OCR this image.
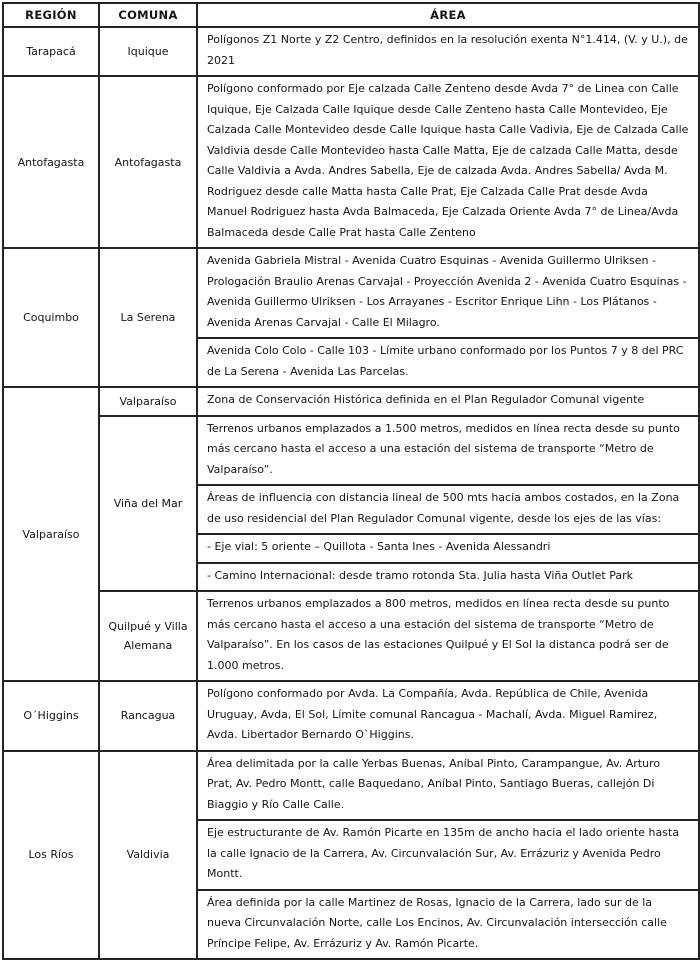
REGIÓN	COMUNA	ÁREA
Tarapacá	Iquique	Polígonos Z1 Norte y Z2 Centro, definidos en la resolución exenta N°1.414, (V. y U.), de 2021
Antofagasta	Antofagasta	Polígono conformado por Eje calzada Calle Zenteno desde Avda 7° de Linea con Calle Iquique, Eje Calzada Calle Iquique desde Calle Zenteno hasta Calle Montevideo, Eje Calzada Calle Montevideo desde Calle Iquique hasta Calle Vadivia, Eje de Calzada Calle Valdivia desde Calle Montevideo hasta Calle Matta, Eje de calzada Calle Matta, desde Calle Valdivia a Avda. Andres Sabella, Eje de calzada Avda. Andres Sabella/ Avda M. Rodriguez desde calle Matta hasta Calle Prat, Eje Calzada Calle Prat desde Avda Manuel Rodriguez hasta Avda Balmaceda, Eje Calzada Oriente Avda 7° de Linea/Avda Balmaceda desde Calle Prat hasta Calle Zenteno
Coquimbo	La Serena	Avenida Gabriela Mistral - Avenida Cuatro Esquinas - Avenida Guillermo Ulriksen - Prologación Braulio Arenas Carvajal - Proyección Avenida 2 - Avenida Cuatro Esquinas - Avenida Guillermo Ulriksen - Los Arrayanes - Escritor Enrique Lihn - Los Plátanos - Avenida Arenas Carvajal - Calle El Milagro.
		Avenida Colo Colo - Calle 103 - Límite urbano conformado por los Puntos 7 y 8 del PRC de La Serena - Avenida Las Parcelas.
Valparaíso	Valparaíso	Zona de Conservación Histórica definida en el Plan Regulador Comunal vigente
	Viña del Mar	Terrenos urbanos emplazados a 1.500 metros, medidos en línea recta desde su punto más cercano hasta el acceso a una estación del sistema de transporte “Metro de Valparaíso”.
		Áreas de influencia con distancia lineal de 500 mts hacia ambos costados, en la Zona de uso residencial del Plan Regulador Comunal vigente, desde los ejes de las vías:
		- Eje vial: 5 oriente – Quillota - Santa Ines - Avenida Alessandri
		- Camino Internacional: desde tramo rotonda Sta. Julia hasta Viña Outlet Park
	Quilpué y Villa Alemana	Terrenos urbanos emplazados a 800 metros, medidos en línea recta desde su punto más cercano hasta el acceso a una estación del sistema de transporte “Metro de Valparaíso”. En los casos de las estaciones Quilpué y El Sol la distanca podrá ser de 1.000 metros.
O´Higgins	Rancagua	Polígono conformado por Avda. La Compañía, Avda. República de Chile, Avenida Uruguay, Avda, El Sol, Límite comunal Rancagua - Machalí, Avda. Miguel Ramirez, Avda. Libertador Bernardo O`Higgins.
Los Ríos	Valdivia	Área delimitada por la calle Yerbas Buenas, Aníbal Pinto, Carampangue, Av. Arturo Prat, Av. Pedro Montt, calle Baquedano, Aníbal Pinto, Santiago Bueras, callejón Di Biaggio y Río Calle Calle.
		Eje estructurante de Av. Ramón Picarte en 135m de ancho hacia el lado oriente hasta la calle Ignacio de la Carrera, Av. Circunvalación Sur, Av. Errázuriz y Avenida Pedro Montt.
		Área definida por la calle Martinez de Rosas, Ignacio de la Carrera, lado sur de la nueva Circunvalación Norte, calle Los Encinos, Av. Circunvalación intersección calle Príncipe Felipe, Av. Errázuriz y Av. Ramón Picarte.
